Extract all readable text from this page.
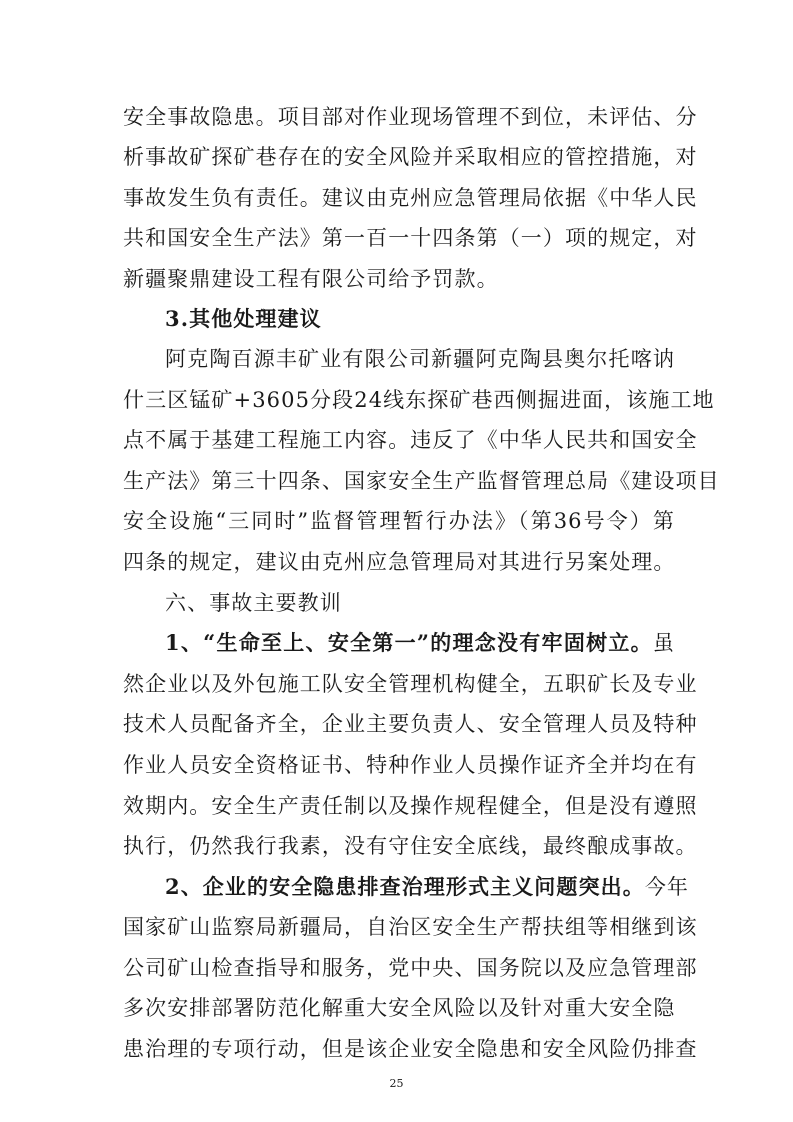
安全事故隐患。项目部对作业现场管理不到位，未评估、分
析事故矿探矿巷存在的安全风险并采取相应的管控措施，对
事故发生负有责任。建议由克州应急管理局依据《中华人民
共和国安全生产法》第一百一十四条第（一）项的规定，对
新疆聚鼎建设工程有限公司给予罚款。
3.其他处理建议
阿克陶百源丰矿业有限公司新疆阿克陶县奥尔托喀讷
什三区锰矿+3605分段24线东探矿巷西侧掘进面，该施工地
点不属于基建工程施工内容。违反了《中华人民共和国安全
生产法》第三十四条、国家安全生产监督管理总局《建设项目
安全设施“三同时”监督管理暂行办法》（第36号令）第
四条的规定，建议由克州应急管理局对其进行另案处理。
六、事故主要教训
1、“生命至上、安全第一”的理念没有牢固树立。虽
然企业以及外包施工队安全管理机构健全，五职矿长及专业
技术人员配备齐全，企业主要负责人、安全管理人员及特种
作业人员安全资格证书、特种作业人员操作证齐全并均在有
效期内。安全生产责任制以及操作规程健全，但是没有遵照
执行，仍然我行我素，没有守住安全底线，最终酿成事故。
2、企业的安全隐患排查治理形式主义问题突出。今年
国家矿山监察局新疆局，自治区安全生产帮扶组等相继到该
公司矿山检查指导和服务，党中央、国务院以及应急管理部
多次安排部署防范化解重大安全风险以及针对重大安全隐
患治理的专项行动，但是该企业安全隐患和安全风险仍排查
25
